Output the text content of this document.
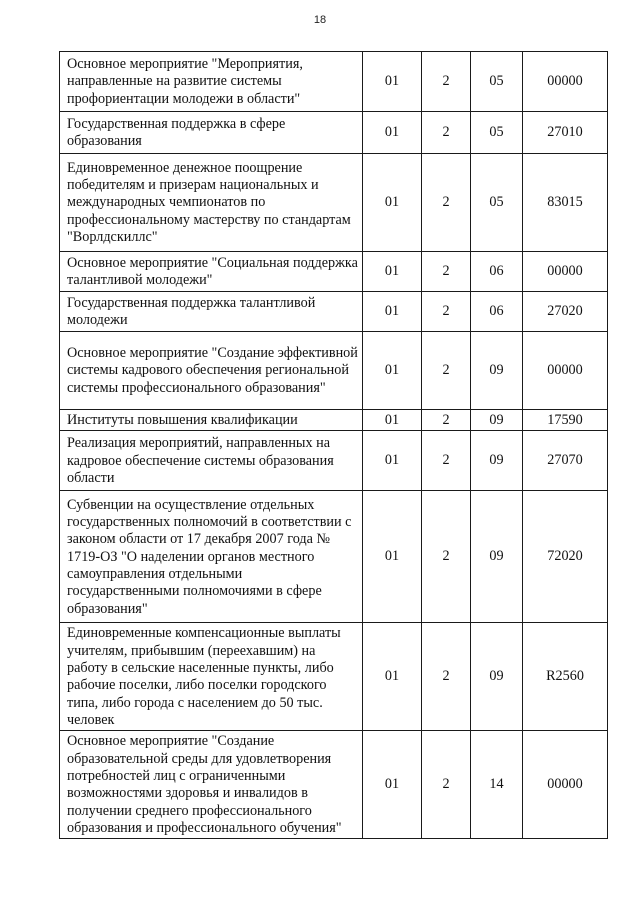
18
Основное мероприятие "Мероприятия, направленные на развитие системы профориентации молодежи в области"	01	2	05	00000
Государственная поддержка в сфере образования	01	2	05	27010
Единовременное денежное поощрение победителям и призерам национальных и международных чемпионатов по профессиональному мастерству по стандартам "Ворлдскиллс"	01	2	05	83015
Основное мероприятие "Социальная поддержка талантливой молодежи"	01	2	06	00000
Государственная поддержка талантливой молодежи	01	2	06	27020
Основное мероприятие "Создание эффективной системы кадрового обеспечения региональной системы профессионального образования"	01	2	09	00000
Институты повышения квалификации	01	2	09	17590
Реализация мероприятий, направленных на кадровое обеспечение системы образования области	01	2	09	27070
Субвенции на осуществление отдельных государственных полномочий в соответствии с законом области от 17 декабря 2007 года № 1719-ОЗ "О наделении органов местного самоуправления отдельными государственными полномочиями в сфере образования"	01	2	09	72020
Единовременные компенсационные выплаты учителям, прибывшим (переехавшим) на работу в сельские населенные пункты, либо рабочие поселки, либо поселки городского типа, либо города с населением до 50 тыс. человек	01	2	09	R2560
Основное мероприятие "Создание образовательной среды для удовлетворения потребностей лиц с ограниченными возможностями здоровья и инвалидов в получении среднего профессионального образования и профессионального обучения"	01	2	14	00000
